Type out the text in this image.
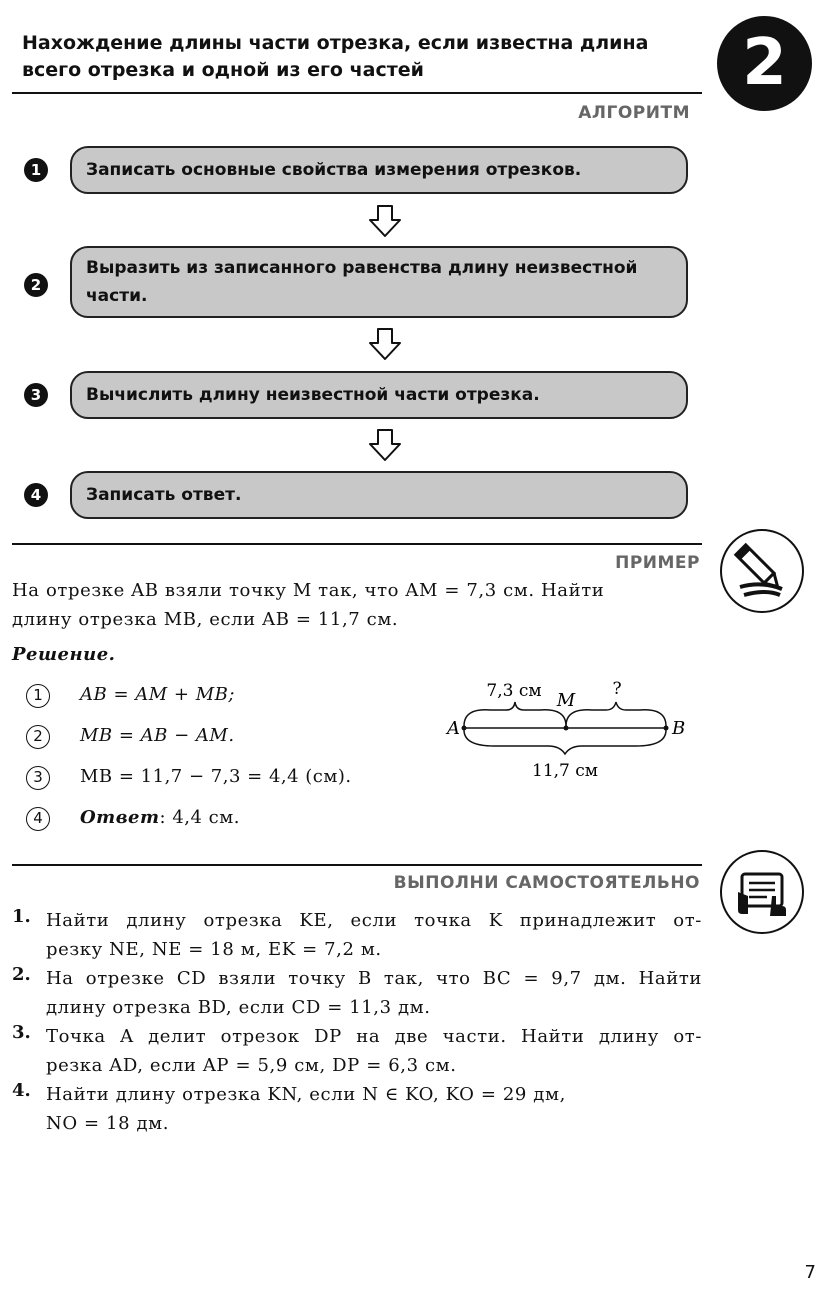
Нахождение длины части отрезка, если известна длина
всего отрезка и одной из его частей	2
АЛГОРИТМ
1	Записать основные свойства измерения отрезков.
2
Выразить из записанного равенства длину неизвестной части.
3	Вычислить длину неизвестной части отрезка.
4	Записать ответ.
ПРИМЕР
На отрезке AB взяли точку M так, что AM = 7,3 см. Найти
длину отрезка MB, если AB = 11,7 см.
Решение.
1	AB = AM + MB;
2	MB = AB − AM.
3	MB = 11,7 − 7,3 = 4,4 (см).
4	Ответ: 4,4 см.
A
M
B
7,3 см	?
11,7 см
ВЫПОЛНИ САМОСТОЯТЕЛЬНО
1. Найти длину отрезка KE, если точка K принадлежит от-
резку NE, NE = 18 м, EK = 7,2 м.
2. На отрезке CD взяли точку B так, что BC = 9,7 дм. Найти
длину отрезка BD, если CD = 11,3 дм.
3. Точка A делит отрезок DP на две части. Найти длину от-
резка AD, если AP = 5,9 см, DP = 6,3 см.
4. Найти длину отрезка KN, если N ∈ KO, KO = 29 дм,
NO = 18 дм.
7
